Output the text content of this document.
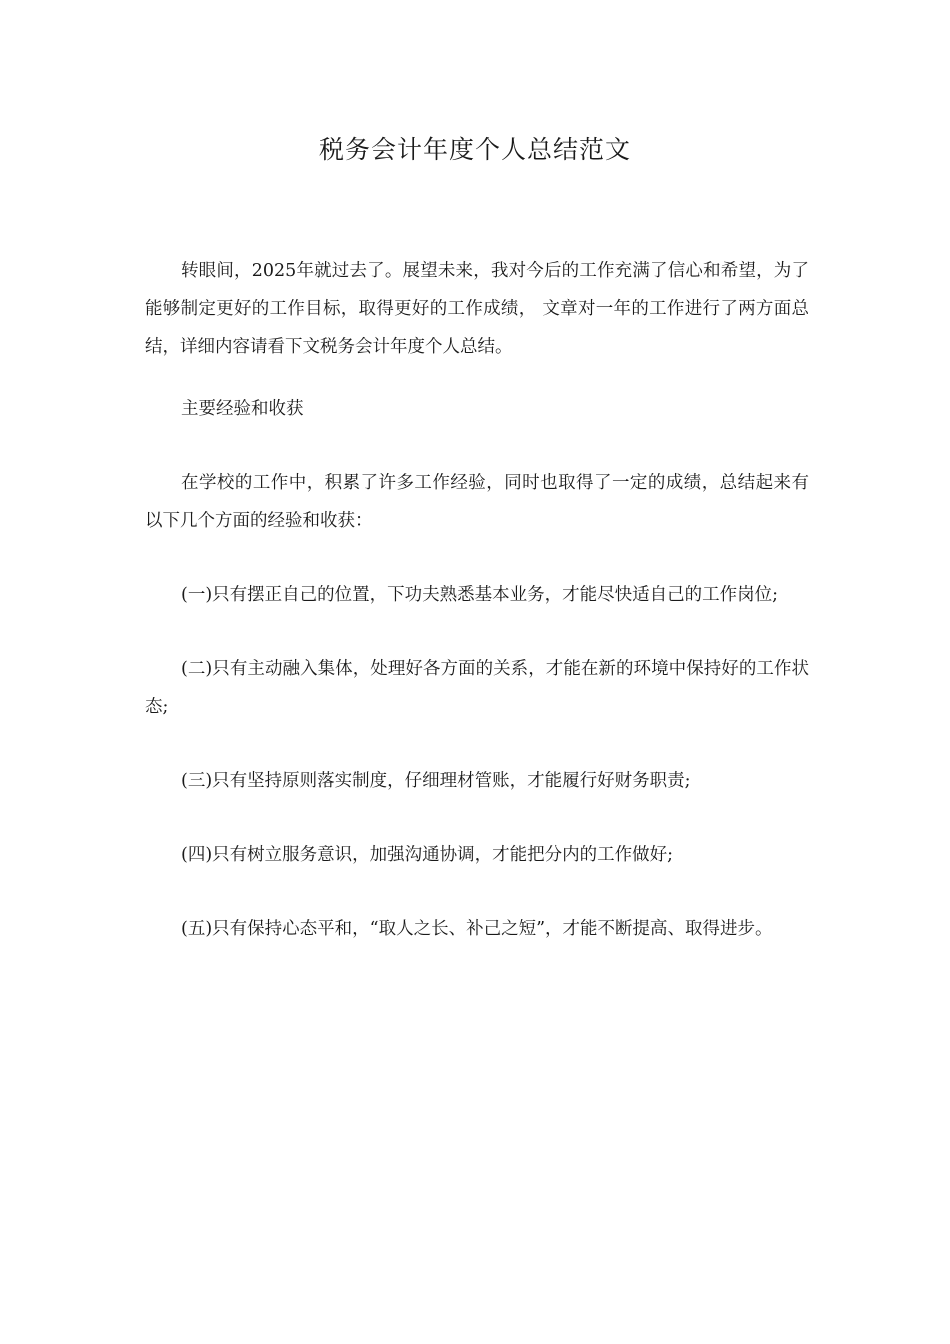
税务会计年度个人总结范文

转眼间，2025年就过去了。展望未来，我对今后的工作充满了信心和希望，为了能够制定更好的工作目标，取得更好的工作成绩， 文章对一年的工作进行了两方面总结，详细内容请看下文税务会计年度个人总结。

主要经验和收获

在学校的工作中，积累了许多工作经验，同时也取得了一定的成绩，总结起来有以下几个方面的经验和收获：

(一)只有摆正自己的位置，下功夫熟悉基本业务，才能尽快适自己的工作岗位;

(二)只有主动融入集体，处理好各方面的关系，才能在新的环境中保持好的工作状态;

(三)只有坚持原则落实制度，仔细理材管账，才能履行好财务职责;

(四)只有树立服务意识，加强沟通协调，才能把分内的工作做好;

(五)只有保持心态平和，“取人之长、补己之短”，才能不断提高、取得进步。
